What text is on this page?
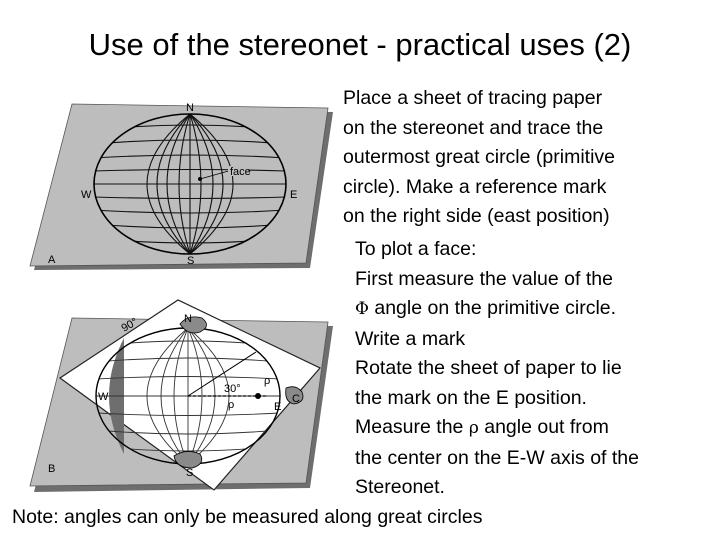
Use of the stereonet - practical uses (2)
face
N
S
E
W
A
N
S
E
W
90°
30°
ρ
ρ
C
B

Place a sheet of tracing paper
on the stereonet and trace the
outermost great circle (primitive
circle). Make a reference mark
on the right side (east position)

To plot a face:
First measure the value of the
Φ angle on the primitive circle.
Write a mark
Rotate the sheet of paper to lie
the mark on the E position.
Measure the ρ angle out from
the center on the E-W axis of the
Stereonet.

Note: angles can only be measured along great circles
